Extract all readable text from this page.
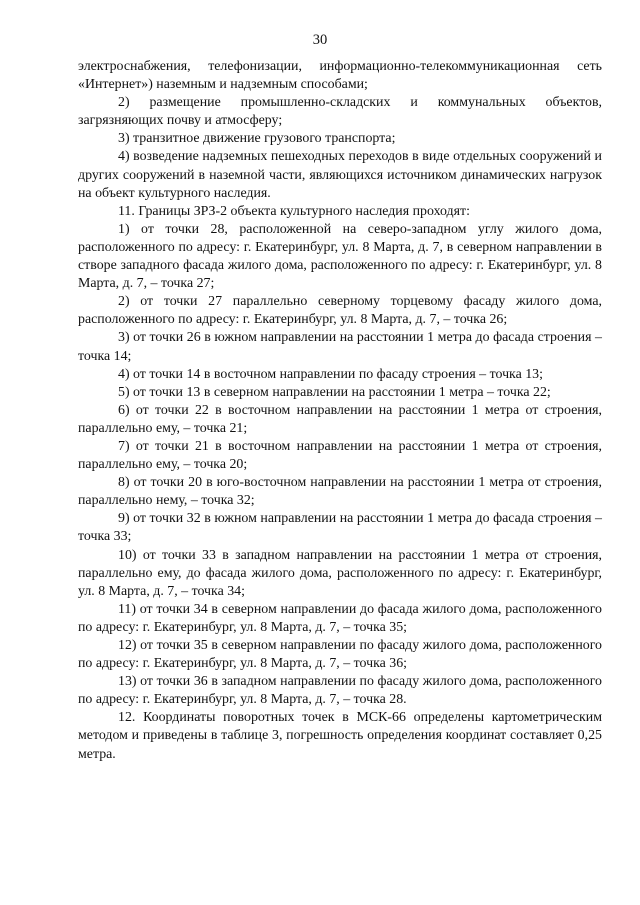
30

электроснабжения, телефонизации, информационно-телекоммуникационная сеть «Интернет») наземным и надземным способами;

2) размещение промышленно-складских и коммунальных объектов, загрязняющих почву и атмосферу;

3) транзитное движение грузового транспорта;

4) возведение надземных пешеходных переходов в виде отдельных сооружений и других сооружений в наземной части, являющихся источником динамических нагрузок на объект культурного наследия.

11. Границы ЗРЗ-2 объекта культурного наследия проходят:

1) от точки 28, расположенной на северо-западном углу жилого дома, расположенного по адресу: г. Екатеринбург, ул. 8 Марта, д. 7, в северном направлении в створе западного фасада жилого дома, расположенного по адресу: г. Екатеринбург, ул. 8 Марта, д. 7, – точка 27;

2) от точки 27 параллельно северному торцевому фасаду жилого дома, расположенного по адресу: г. Екатеринбург, ул. 8 Марта, д. 7, – точка 26;

3) от точки 26 в южном направлении на расстоянии 1 метра до фасада строения – точка 14;

4) от точки 14 в восточном направлении по фасаду строения – точка 13;

5) от точки 13 в северном направлении на расстоянии 1 метра – точка 22;

6) от точки 22 в восточном направлении на расстоянии 1 метра от строения, параллельно ему, – точка 21;

7) от точки 21 в восточном направлении на расстоянии 1 метра от строения, параллельно ему, – точка 20;

8) от точки 20 в юго-восточном направлении на расстоянии 1 метра от строения, параллельно нему, – точка 32;

9) от точки 32 в южном направлении на расстоянии 1 метра до фасада строения – точка 33;

10) от точки 33 в западном направлении на расстоянии 1 метра от строения, параллельно ему, до фасада жилого дома, расположенного по адресу: г. Екатеринбург, ул. 8 Марта, д. 7, – точка 34;

11) от точки 34 в северном направлении до фасада жилого дома, расположенного по адресу: г. Екатеринбург, ул. 8 Марта, д. 7, – точка 35;

12) от точки 35 в северном направлении по фасаду жилого дома, расположенного по адресу: г. Екатеринбург, ул. 8 Марта, д. 7, – точка 36;

13) от точки 36 в западном направлении по фасаду жилого дома, расположенного по адресу: г. Екатеринбург, ул. 8 Марта, д. 7, – точка 28.

12. Координаты поворотных точек в МСК-66 определены картометрическим методом и приведены в таблице 3, погрешность определения координат составляет 0,25 метра.
